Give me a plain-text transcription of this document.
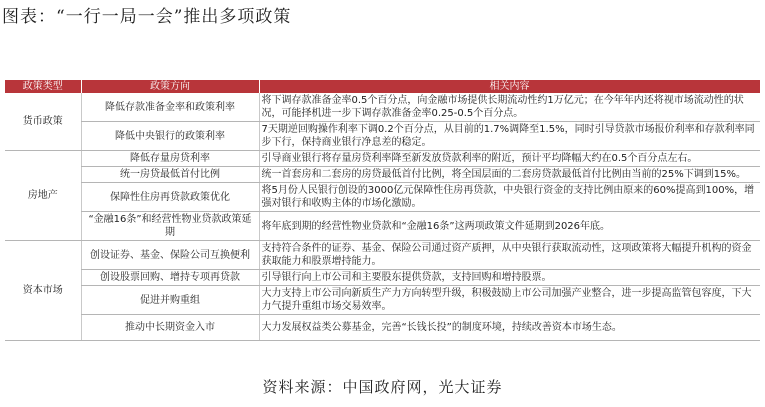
图表：“一行一局一会”推出多项政策
政策类型	政策方向	相关内容
货币政策	降低存款准备金率和政策利率	将下调存款准备金率0.5个百分点，向金融市场提供长期流动性约1万亿元；在今年年内还将视市场流动性的状况，可能择机进一步下调存款准备金率0.25-0.5个百分点。
	降低中央银行的政策利率	7天期逆回购操作利率下调0.2个百分点，从目前的1.7%调降至1.5%，同时引导贷款市场报价利率和存款利率同步下行，保持商业银行净息差的稳定。
房地产	降低存量房贷利率	引导商业银行将存量房贷利率降至新发放贷款利率的附近，预计平均降幅大约在0.5个百分点左右。
	统一房贷最低首付比例	统一首套房和二套房的房贷最低首付比例，将全国层面的二套房贷款最低首付比例由当前的25%下调到15%。
	保障性住房再贷款政策优化	将5月份人民银行创设的3000亿元保障性住房再贷款，中央银行资金的支持比例由原来的60%提高到100%，增强对银行和收购主体的市场化激励。
	“金融16条”和经营性物业贷款政策延期	将年底到期的经营性物业贷款和“金融16条”这两项政策文件延期到2026年底。
资本市场	创设证券、基金、保险公司互换便利	支持符合条件的证券、基金、保险公司通过资产质押，从中央银行获取流动性，这项政策将大幅提升机构的资金获取能力和股票增持能力。
	创设股票回购、增持专项再贷款	引导银行向上市公司和主要股东提供贷款，支持回购和增持股票。
	促进并购重组	大力支持上市公司向新质生产力方向转型升级，积极鼓励上市公司加强产业整合，进一步提高监管包容度，下大力气提升重组市场交易效率。
	推动中长期资金入市	大力发展权益类公募基金，完善“长钱长投”的制度环境，持续改善资本市场生态。
资料来源：中国政府网，光大证券
